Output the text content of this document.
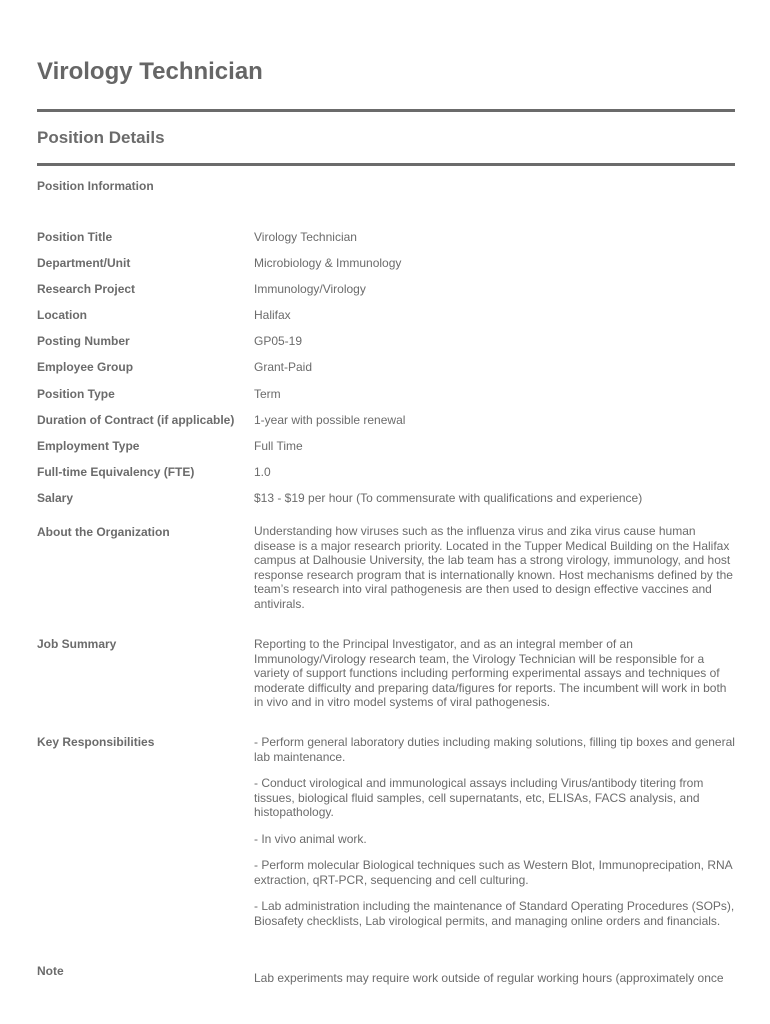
Virology Technician
Position Details
Position Information
Position Title	Virology Technician
Department/Unit	Microbiology & Immunology
Research Project	Immunology/Virology
Location	Halifax
Posting Number	GP05-19
Employee Group	Grant-Paid
Position Type	Term
Duration of Contract (if applicable) 1-year with possible renewal
Employment Type	Full Time
Full-time Equivalency (FTE)	1.0
Salary	$13 - $19 per hour (To commensurate with qualifications and experience)
About the Organization	Understanding how viruses such as the influenza virus and zika virus cause human disease is a major research priority. Located in the Tupper Medical Building on the Halifax campus at Dalhousie University, the lab team has a strong virology, immunology, and host response research program that is internationally known. Host mechanisms defined by the team’s research into viral pathogenesis are then used to design effective vaccines and antivirals.
Job Summary	Reporting to the Principal Investigator, and as an integral member of an Immunology/Virology research team, the Virology Technician will be responsible for a variety of support functions including performing experimental assays and techniques of moderate difficulty and preparing data/figures for reports. The incumbent will work in both in vivo and in vitro model systems of viral pathogenesis.
Key Responsibilities	- Perform general laboratory duties including making solutions, filling tip boxes and general lab maintenance.

- Conduct virological and immunological assays including Virus/antibody titering from tissues, biological fluid samples, cell supernatants, etc, ELISAs, FACS analysis, and histopathology.

- In vivo animal work.

- Perform molecular Biological techniques such as Western Blot, Immunoprecipation, RNA extraction, qRT-PCR, sequencing and cell culturing.

- Lab administration including the maintenance of Standard Operating Procedures (SOPs), Biosafety checklists, Lab virological permits, and managing online orders and financials.

Note	Lab experiments may require work outside of regular working hours (approximately once
